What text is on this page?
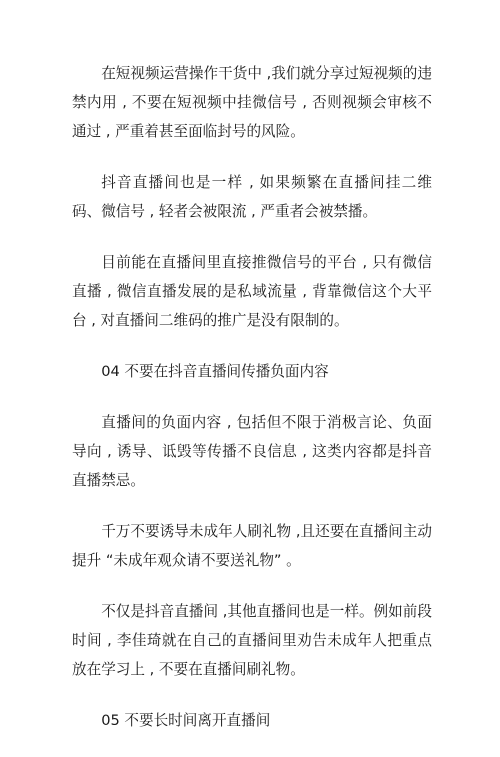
在短视频运营操作干货中 ,我们就分享过短视频的违禁内用 , 不要在短视频中挂微信号 , 否则视频会审核不通过 , 严重着甚至面临封号的风险。

抖音直播间也是一样 , 如果频繁在直播间挂二维码、微信号 , 轻者会被限流 , 严重者会被禁播。

目前能在直播间里直接推微信号的平台 , 只有微信直播 , 微信直播发展的是私域流量 , 背靠微信这个大平台 , 对直播间二维码的推广是没有限制的。

04 不要在抖音直播间传播负面内容

直播间的负面内容 , 包括但不限于消极言论、负面导向 , 诱导、诋毁等传播不良信息 , 这类内容都是抖音直播禁忌。

千万不要诱导未成年人刷礼物 ,且还要在直播间主动提升 “未成年观众请不要送礼物” 。

不仅是抖音直播间 ,其他直播间也是一样。例如前段时间 , 李佳琦就在自己的直播间里劝告未成年人把重点放在学习上 , 不要在直播间刷礼物。

05 不要长时间离开直播间
